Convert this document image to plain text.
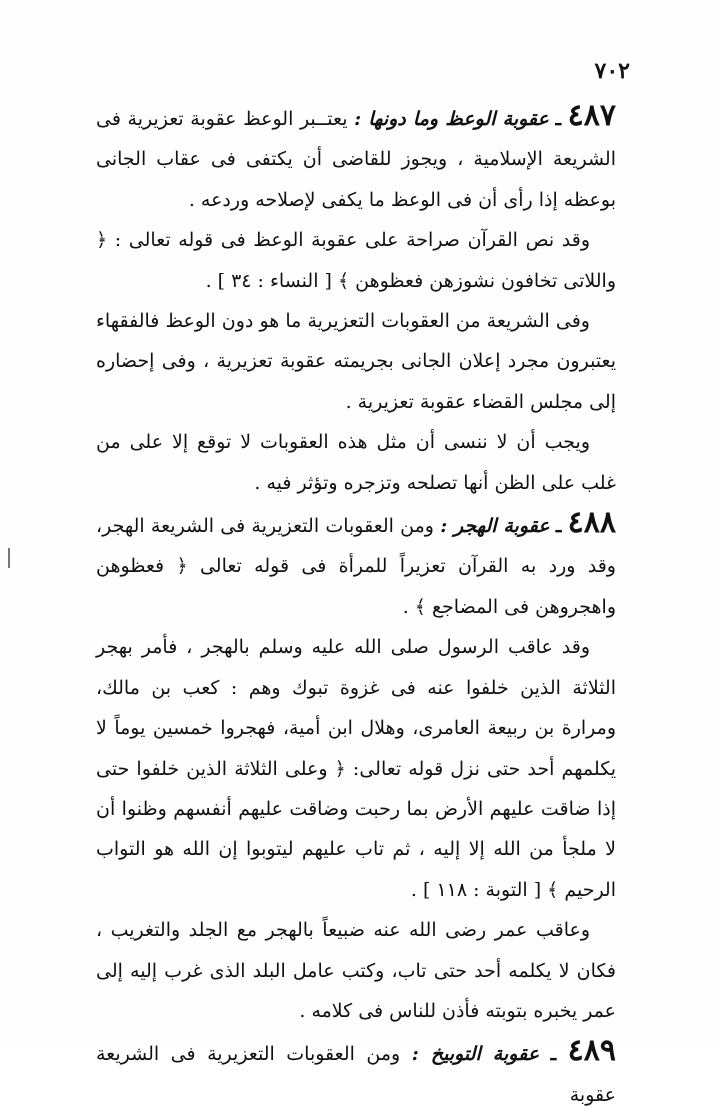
٧٠٢

٤٨٧ ـ عقوبة الوعظ وما دونها : يعتــبر الوعظ عقوبة تعزيرية فى الشريعة الإسلامية ، ويجوز للقاضى أن يكتفى فى عقاب الجانى بوعظه إذا رأى أن فى الوعظ ما يكفى لإصلاحه وردعه .

وقد نص القرآن صراحة على عقوبة الوعظ فى قوله تعالى : ﴿ واللاتى تخافون نشوزهن فعظوهن ﴾ [ النساء : ٣٤ ] .

وفى الشريعة من العقوبات التعزيرية ما هو دون الوعظ فالفقهاء يعتبرون مجرد إعلان الجانى بجريمته عقوبة تعزيرية ، وفى إحضاره إلى مجلس القضاء عقوبة تعزيرية .

ويجب أن لا ننسى أن مثل هذه العقوبات لا توقع إلا على من غلب على الظن أنها تصلحه وتزجره وتؤثر فيه .

٤٨٨ ـ عقوبة الهجر : ومن العقوبات التعزيرية فى الشريعة الهجر، وقد ورد به القرآن تعزيراً للمرأة فى قوله تعالى ﴿ فعظوهن واهجروهن فى المضاجع ﴾ .

وقد عاقب الرسول صلى الله عليه وسلم بالهجر ، فأمر بهجر الثلاثة الذين خلفوا عنه فى غزوة تبوك وهم : كعب بن مالك، ومرارة بن ربيعة العامرى، وهلال ابن أمية، فهجروا خمسين يوماً لا يكلمهم أحد حتى نزل قوله تعالى: ﴿ وعلى الثلاثة الذين خلفوا حتى إذا ضاقت عليهم الأرض بما رحبت وضاقت عليهم أنفسهم وظنوا أن لا ملجأ من الله إلا إليه ، ثم تاب عليهم ليتوبوا إن الله هو التواب الرحيم ﴾ [ التوبة : ١١٨ ] .

وعاقب عمر رضى الله عنه ضبيعاً بالهجر مع الجلد والتغريب ، فكان لا يكلمه أحد حتى تاب، وكتب عامل البلد الذى غرب إليه إلى عمر يخبره بتوبته فأذن للناس فى كلامه .

٤٨٩ ـ عقوبة التوبيخ : ومن العقوبات التعزيرية فى الشريعة عقوبة
